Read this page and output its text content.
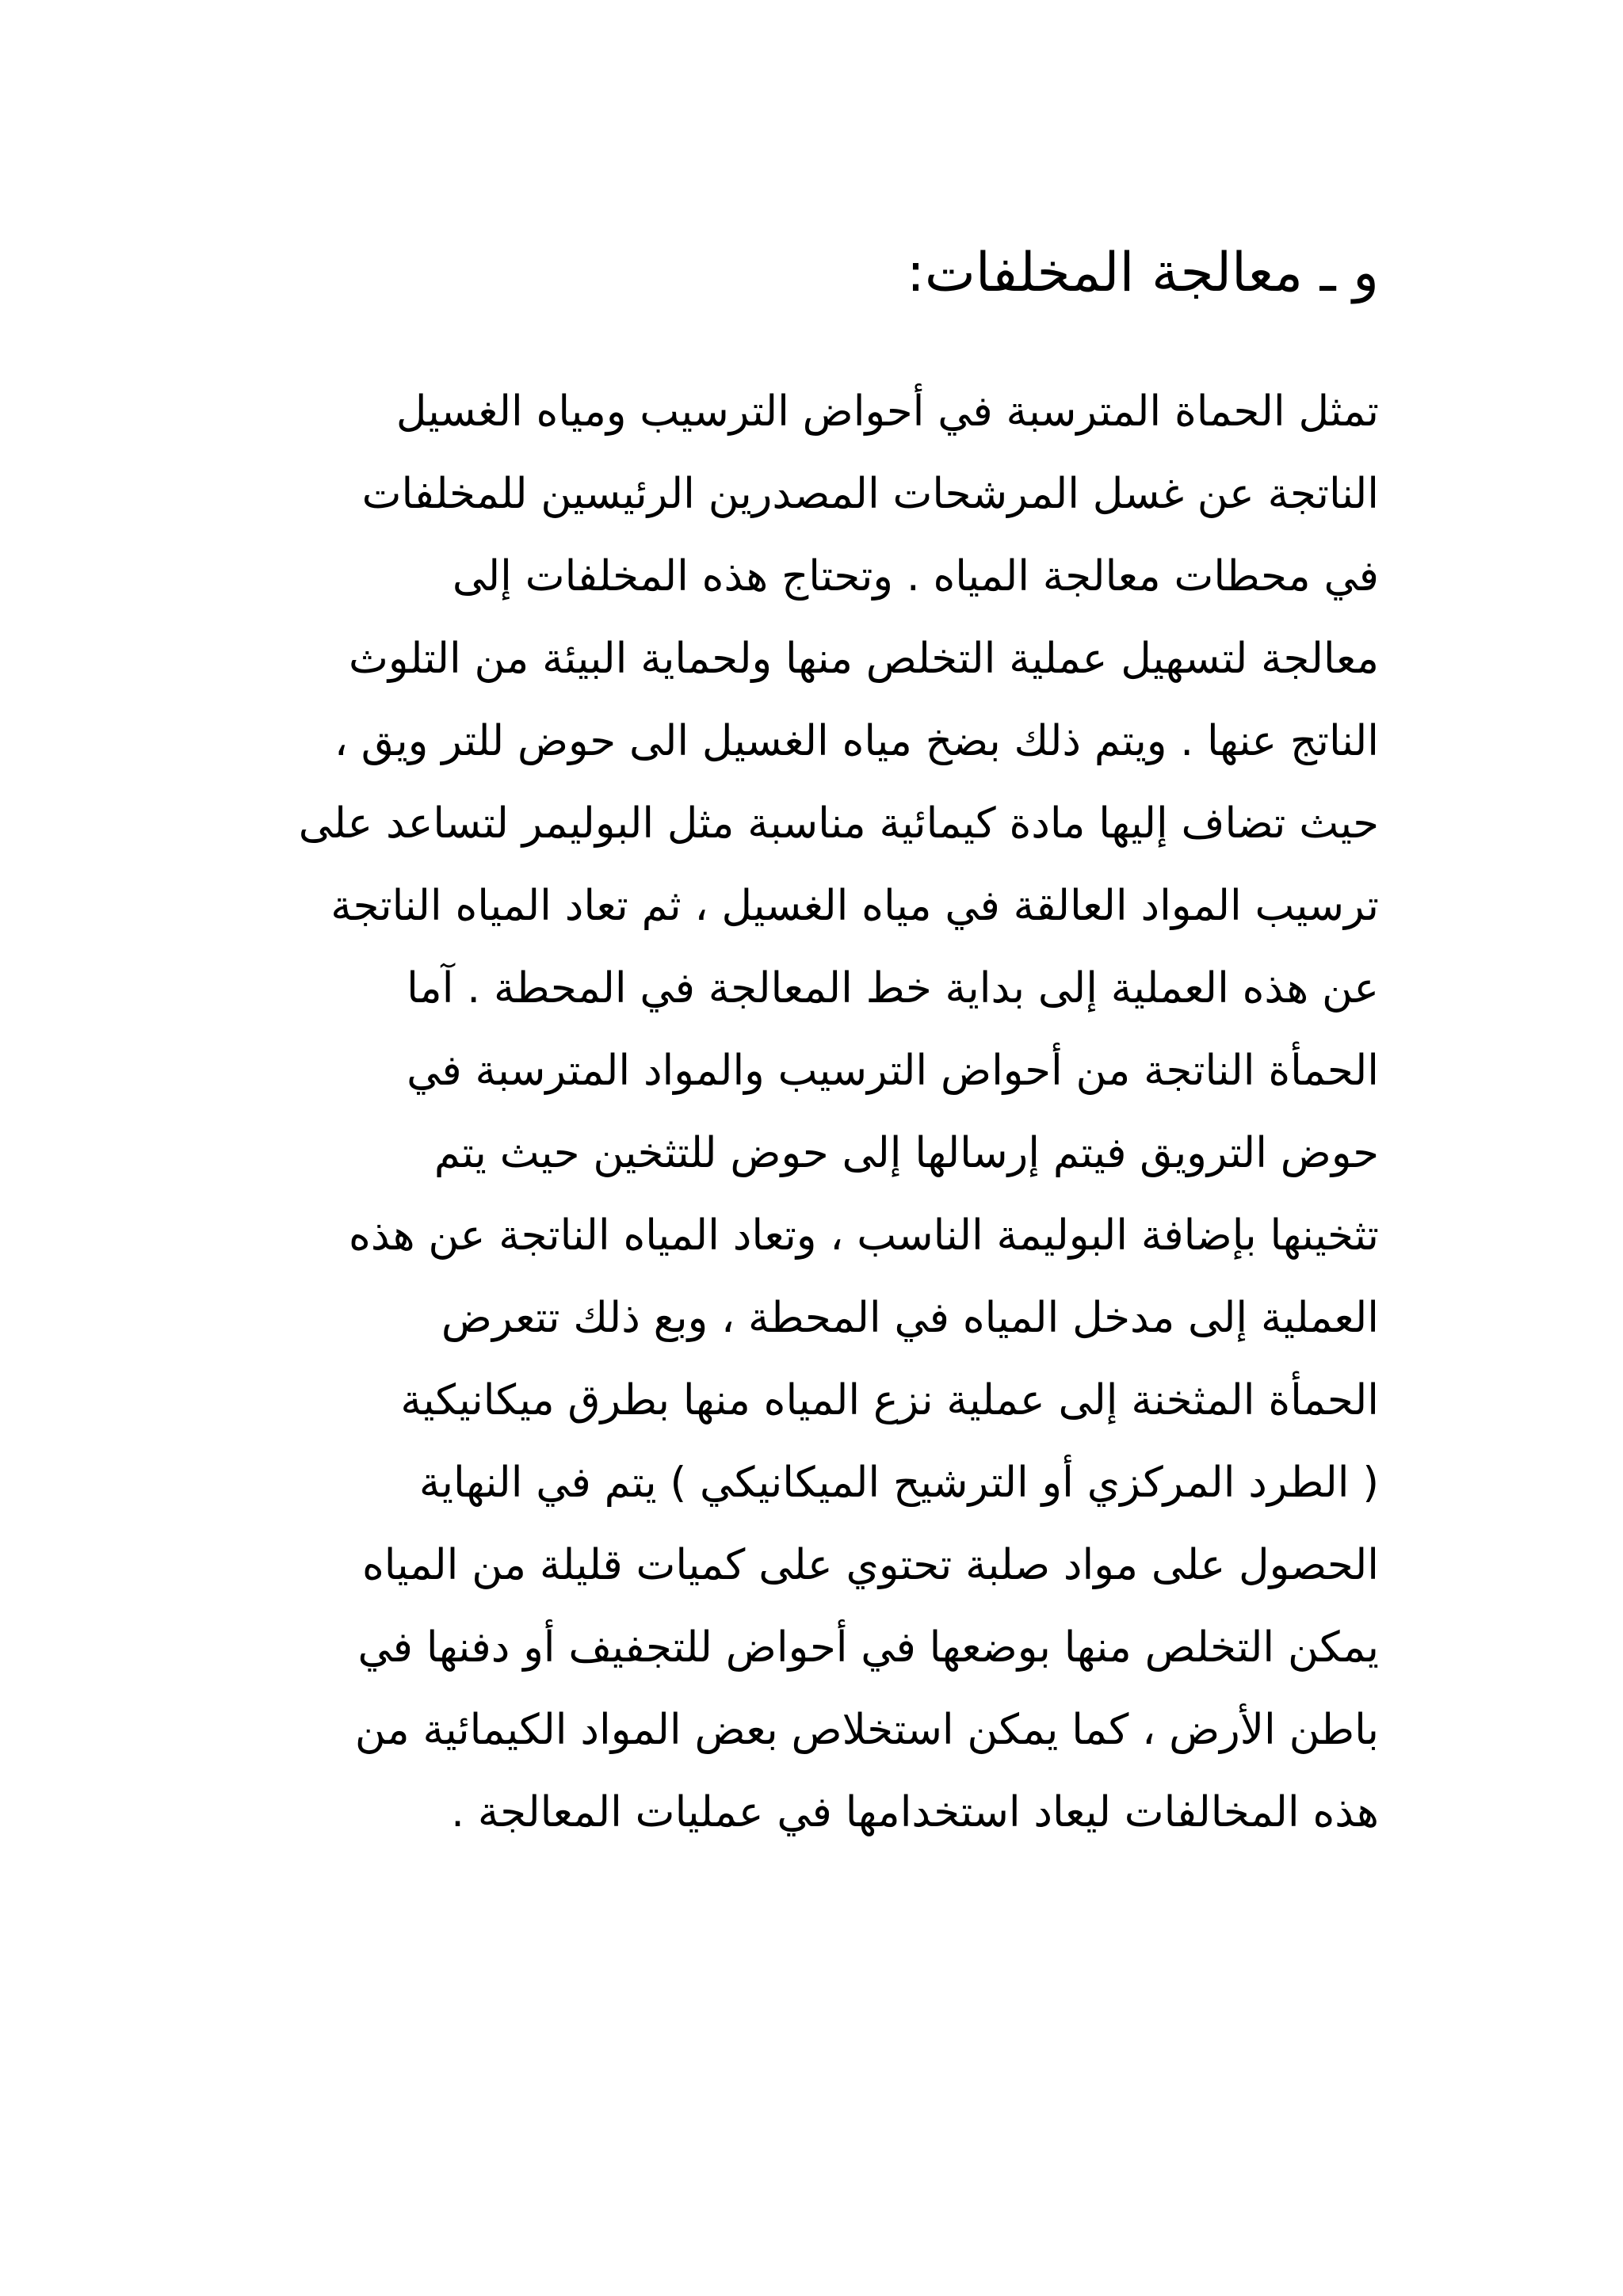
و ـ معالجة المخلفات:
تمثل الحماة المترسبة في أحواض الترسيب ومياه الغسيل
الناتجة عن غسل المرشحات المصدرين الرئيسين للمخلفات
في محطات معالجة المياه . وتحتاج هذه المخلفات إلى
معالجة لتسهيل عملية التخلص منها ولحماية البيئة من التلوث
الناتج عنها . ويتم ذلك بضخ مياه الغسيل الى حوض للتر ويق ،
حيث تضاف إليها مادة كيمائية مناسبة مثل البوليمر لتساعد على
ترسيب المواد العالقة في مياه الغسيل ، ثم تعاد المياه الناتجة
عن هذه العملية إلى بداية خط المعالجة في المحطة . آما
الحمأة الناتجة من أحواض الترسيب والمواد المترسبة في
حوض الترويق فيتم إرسالها إلى حوض للتثخين حيث يتم
تثخينها بإضافة البوليمة الناسب ، وتعاد المياه الناتجة عن هذه
العملية إلى مدخل المياه في المحطة ، وبع ذلك تتعرض
الحمأة المثخنة إلى عملية نزع المياه منها بطرق ميكانيكية
( الطرد المركزي أو الترشيح الميكانيكي ) يتم في النهاية
الحصول على مواد صلبة تحتوي على كميات قليلة من المياه
يمكن التخلص منها بوضعها في أحواض للتجفيف أو دفنها في
باطن الأرض ، كما يمكن استخلاص بعض المواد الكيمائية من
هذه المخالفات ليعاد استخدامها في عمليات المعالجة .
